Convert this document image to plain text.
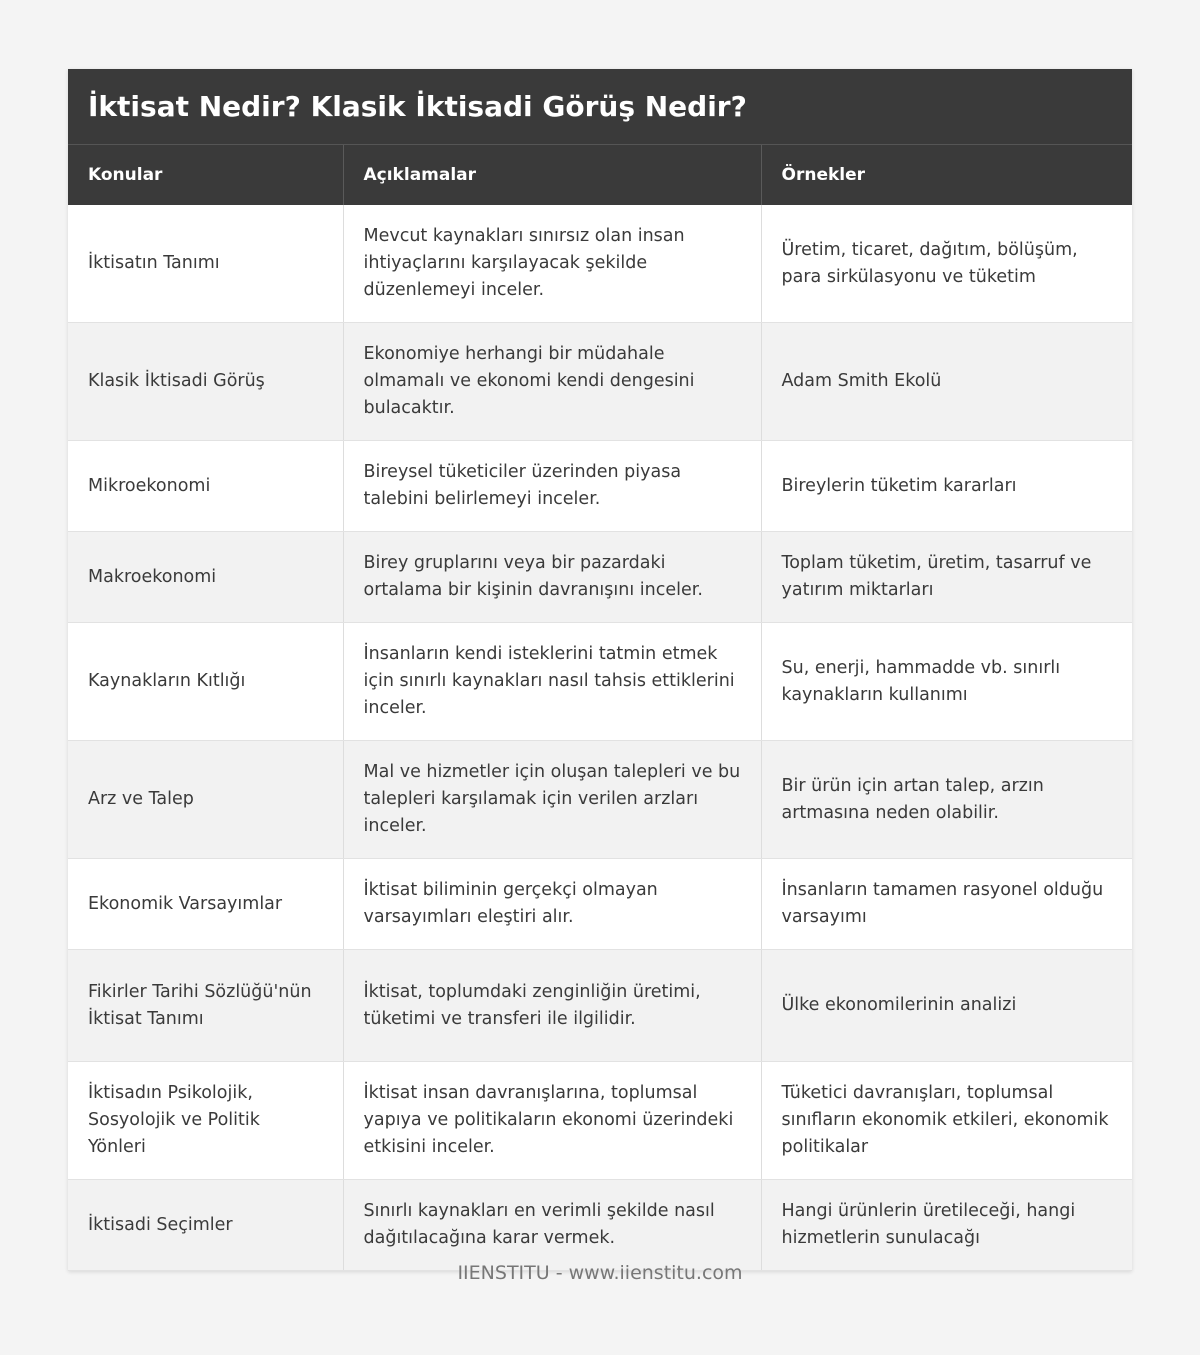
İktisat Nedir? Klasik İktisadi Görüş Nedir?
Konular	Açıklamalar	Örnekler
İktisatın Tanımı	Mevcut kaynakları sınırsız olan insan ihtiyaçlarını karşılayacak şekilde düzenlemeyi inceler.	Üretim, ticaret, dağıtım, bölüşüm, para sirkülasyonu ve tüketim
Klasik İktisadi Görüş	Ekonomiye herhangi bir müdahale olmamalı ve ekonomi kendi dengesini bulacaktır.	Adam Smith Ekolü
Mikroekonomi	Bireysel tüketiciler üzerinden piyasa talebini belirlemeyi inceler.	Bireylerin tüketim kararları
Makroekonomi	Birey gruplarını veya bir pazardaki ortalama bir kişinin davranışını inceler.	Toplam tüketim, üretim, tasarruf ve yatırım miktarları
Kaynakların Kıtlığı	İnsanların kendi isteklerini tatmin etmek için sınırlı kaynakları nasıl tahsis ettiklerini inceler.	Su, enerji, hammadde vb. sınırlı kaynakların kullanımı
Arz ve Talep	Mal ve hizmetler için oluşan talepleri ve bu talepleri karşılamak için verilen arzları inceler.	Bir ürün için artan talep, arzın artmasına neden olabilir.
Ekonomik Varsayımlar	İktisat biliminin gerçekçi olmayan varsayımları eleştiri alır.	İnsanların tamamen rasyonel olduğu varsayımı
Fikirler Tarihi Sözlüğü'nün İktisat Tanımı	İktisat, toplumdaki zenginliğin üretimi, tüketimi ve transferi ile ilgilidir.	Ülke ekonomilerinin analizi
İktisadın Psikolojik, Sosyolojik ve Politik Yönleri	İktisat insan davranışlarına, toplumsal yapıya ve politikaların ekonomi üzerindeki etkisini inceler.	Tüketici davranışları, toplumsal sınıfların ekonomik etkileri, ekonomik politikalar
İktisadi Seçimler	Sınırlı kaynakları en verimli şekilde nasıl dağıtılacağına karar vermek.	Hangi ürünlerin üretileceği, hangi hizmetlerin sunulacağı
IIENSTITU - www.iienstitu.com
